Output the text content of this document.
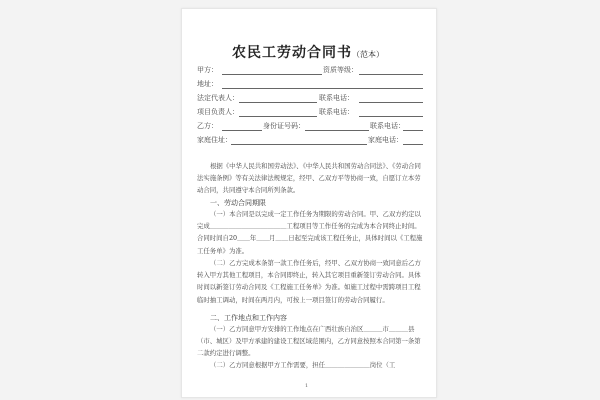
农民工劳动合同书（范本）
甲方：	资质等级：
地址：
法定代表人：	联系电话：
项目负责人：	联系电话：
乙方：	身份证号码：	联系电话：
家庭住址：	家庭电话：
根据《中华人民共和国劳动法》、《中华人民共和国劳动合同法》、《劳动合同法实施条例》等有关法律法规规定，经甲、乙双方平等协商一致，自愿订立本劳动合同，共同遵守本合同所列条款。
一、劳动合同期限
（一）本合同是以完成一定工作任务为期限的劳动合同。甲、乙双方约定以完成＿＿＿＿＿＿＿＿＿＿＿＿工程项目等工作任务的完成为本合同终止时间。合同时间自20＿＿年＿＿月＿＿日起至完成该工程任务止，具体时间以《工程施工任务单》为准。
（二）乙方完成本条第一款工作任务后，经甲、乙双方协商一致同意后乙方转入甲方其他工程项目，本合同即终止，转入其它项目重新签订劳动合同。具体时间以新签订劳动合同及《工程施工任务单》为准。如施工过程中需跨项目工程临时抽工调动，时间在两月内，可按上一项目签订的劳动合同履行。
二、工作地点和工作内容
（一）乙方同意甲方安排的工作地点在广西壮族自治区＿＿＿市＿＿＿县（市、城区）及甲方承建的建设工程区域范围内，乙方同意按照本合同第一条第二款约定进行调整。
（二）乙方同意根据甲方工作需要，担任＿＿＿＿＿＿＿岗位（工
1
